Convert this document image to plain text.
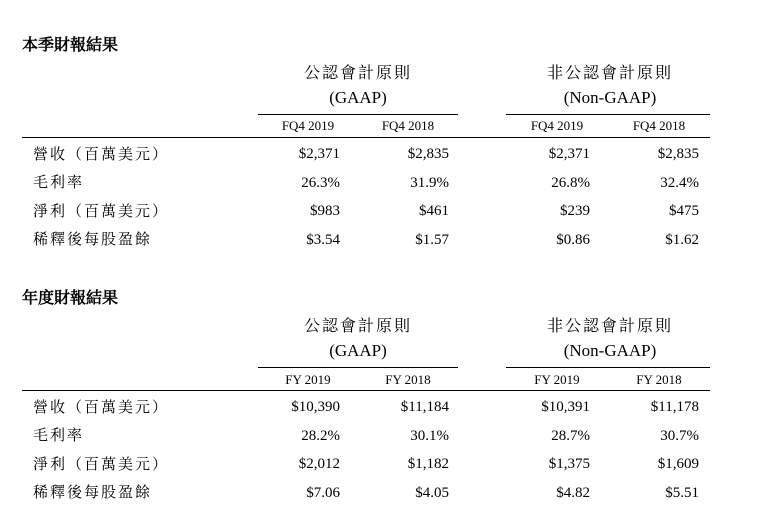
本季財報結果
公認會計原則
(GAAP)
非公認會計原則
(Non-GAAP)
FQ4 2019	FQ4 2018	FQ4 2019	FQ4 2018
營收（百萬美元）	$2,371	$2,835	$2,371	$2,835
毛利率	26.3%	31.9%	26.8%	32.4%
淨利（百萬美元）	$983	$461	$239	$475
稀釋後每股盈餘	$3.54	$1.57	$0.86	$1.62
年度財報結果
公認會計原則
(GAAP)
非公認會計原則
(Non-GAAP)
FY 2019	FY 2018	FY 2019	FY 2018
營收（百萬美元）	$10,390	$11,184	$10,391	$11,178
毛利率	28.2%	30.1%	28.7%	30.7%
淨利（百萬美元）	$2,012	$1,182	$1,375	$1,609
稀釋後每股盈餘	$7.06	$4.05	$4.82	$5.51
